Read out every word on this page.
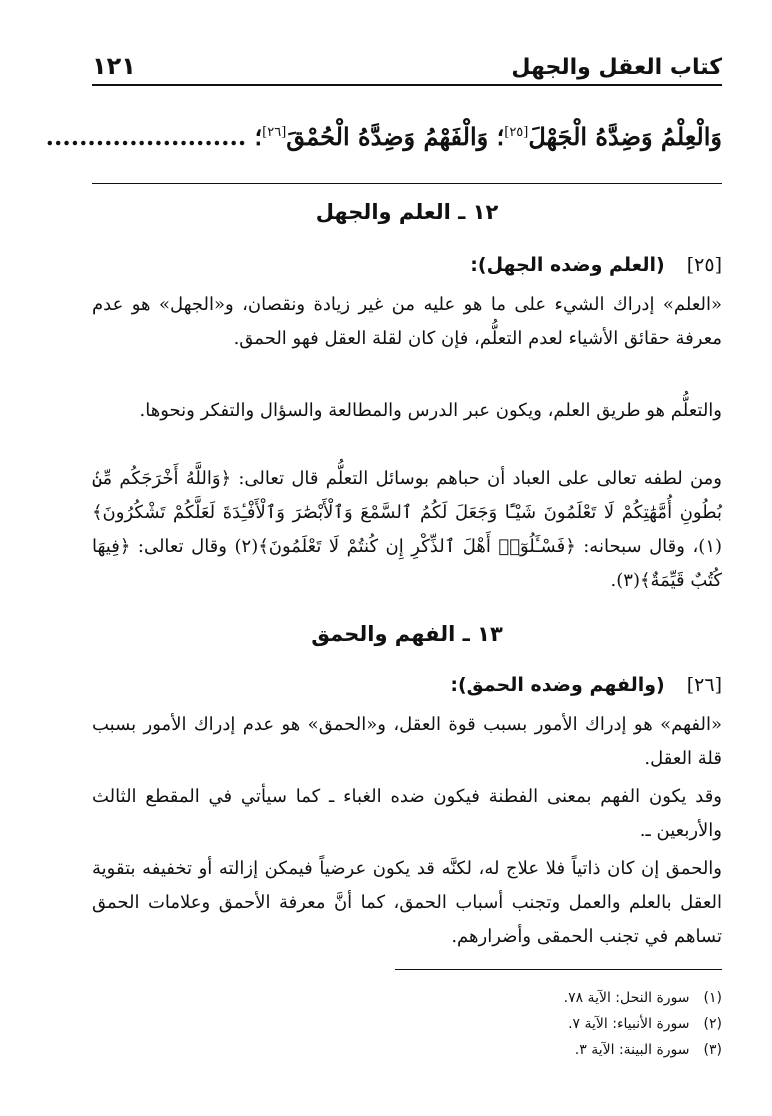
كتاب العقل والجهل
١٢١
وَالْعِلْمُ وَضِدَّهُ الْجَهْلَ[٢٥]؛ وَالْفَهْمُ وَضِدَّهُ الْحُمْقَ[٢٦]؛ ........................
١٢ ـ العلم والجهل
[٢٥]
(العلم وضده الجهل):

«العلم» إدراك الشيء على ما هو عليه من غير زيادة ونقصان، و«الجهل» هو عدم معرفة حقائق الأشياء لعدم التعلُّم، فإن كان لقلة العقل فهو الحمق.

والتعلُّم هو طريق العلم، ويكون عبر الدرس والمطالعة والسؤال والتفكر ونحوها.

ومن لطفه تعالى على العباد أن حباهم بوسائل التعلُّم قال تعالى: ﴿وَاللَّهُ أَخْرَجَكُم مِّنۢ بُطُونِ أُمَّهَٰتِكُمْ لَا تَعْلَمُونَ شَيْـًٔا وَجَعَلَ لَكُمُ ٱلسَّمْعَ وَٱلْأَبْصَٰرَ وَٱلْأَفْـِٔدَةَ لَعَلَّكُمْ تَشْكُرُونَ﴾(١)، وقال سبحانه: ﴿فَسْـَٔلُوٓا۟ أَهْلَ ٱلذِّكْرِ إِن كُنتُمْ لَا تَعْلَمُونَ﴾(٢) وقال تعالى: ﴿فِيهَا كُتُبٌ قَيِّمَةٌ﴾(٣).

١٣ ـ الفهم والحمق
[٢٦]
(والفهم وضده الحمق):

«الفهم» هو إدراك الأمور بسبب قوة العقل، و«الحمق» هو عدم إدراك الأمور بسبب قلة العقل.

وقد يكون الفهم بمعنى الفطنة فيكون ضده الغباء ـ كما سيأتي في المقطع الثالث والأربعين ـ.

والحمق إن كان ذاتياً فلا علاج له، لكنَّه قد يكون عرضياً فيمكن إزالته أو تخفيفه بتقوية العقل بالعلم والعمل وتجنب أسباب الحمق، كما أنَّ معرفة الأحمق وعلامات الحمق تساهم في تجنب الحمقى وأضرارهم.

(١)
سورة النحل: الآية ٧٨.
(٢)
سورة الأنبياء: الآية ٧.
(٣)
سورة البينة: الآية ٣.
